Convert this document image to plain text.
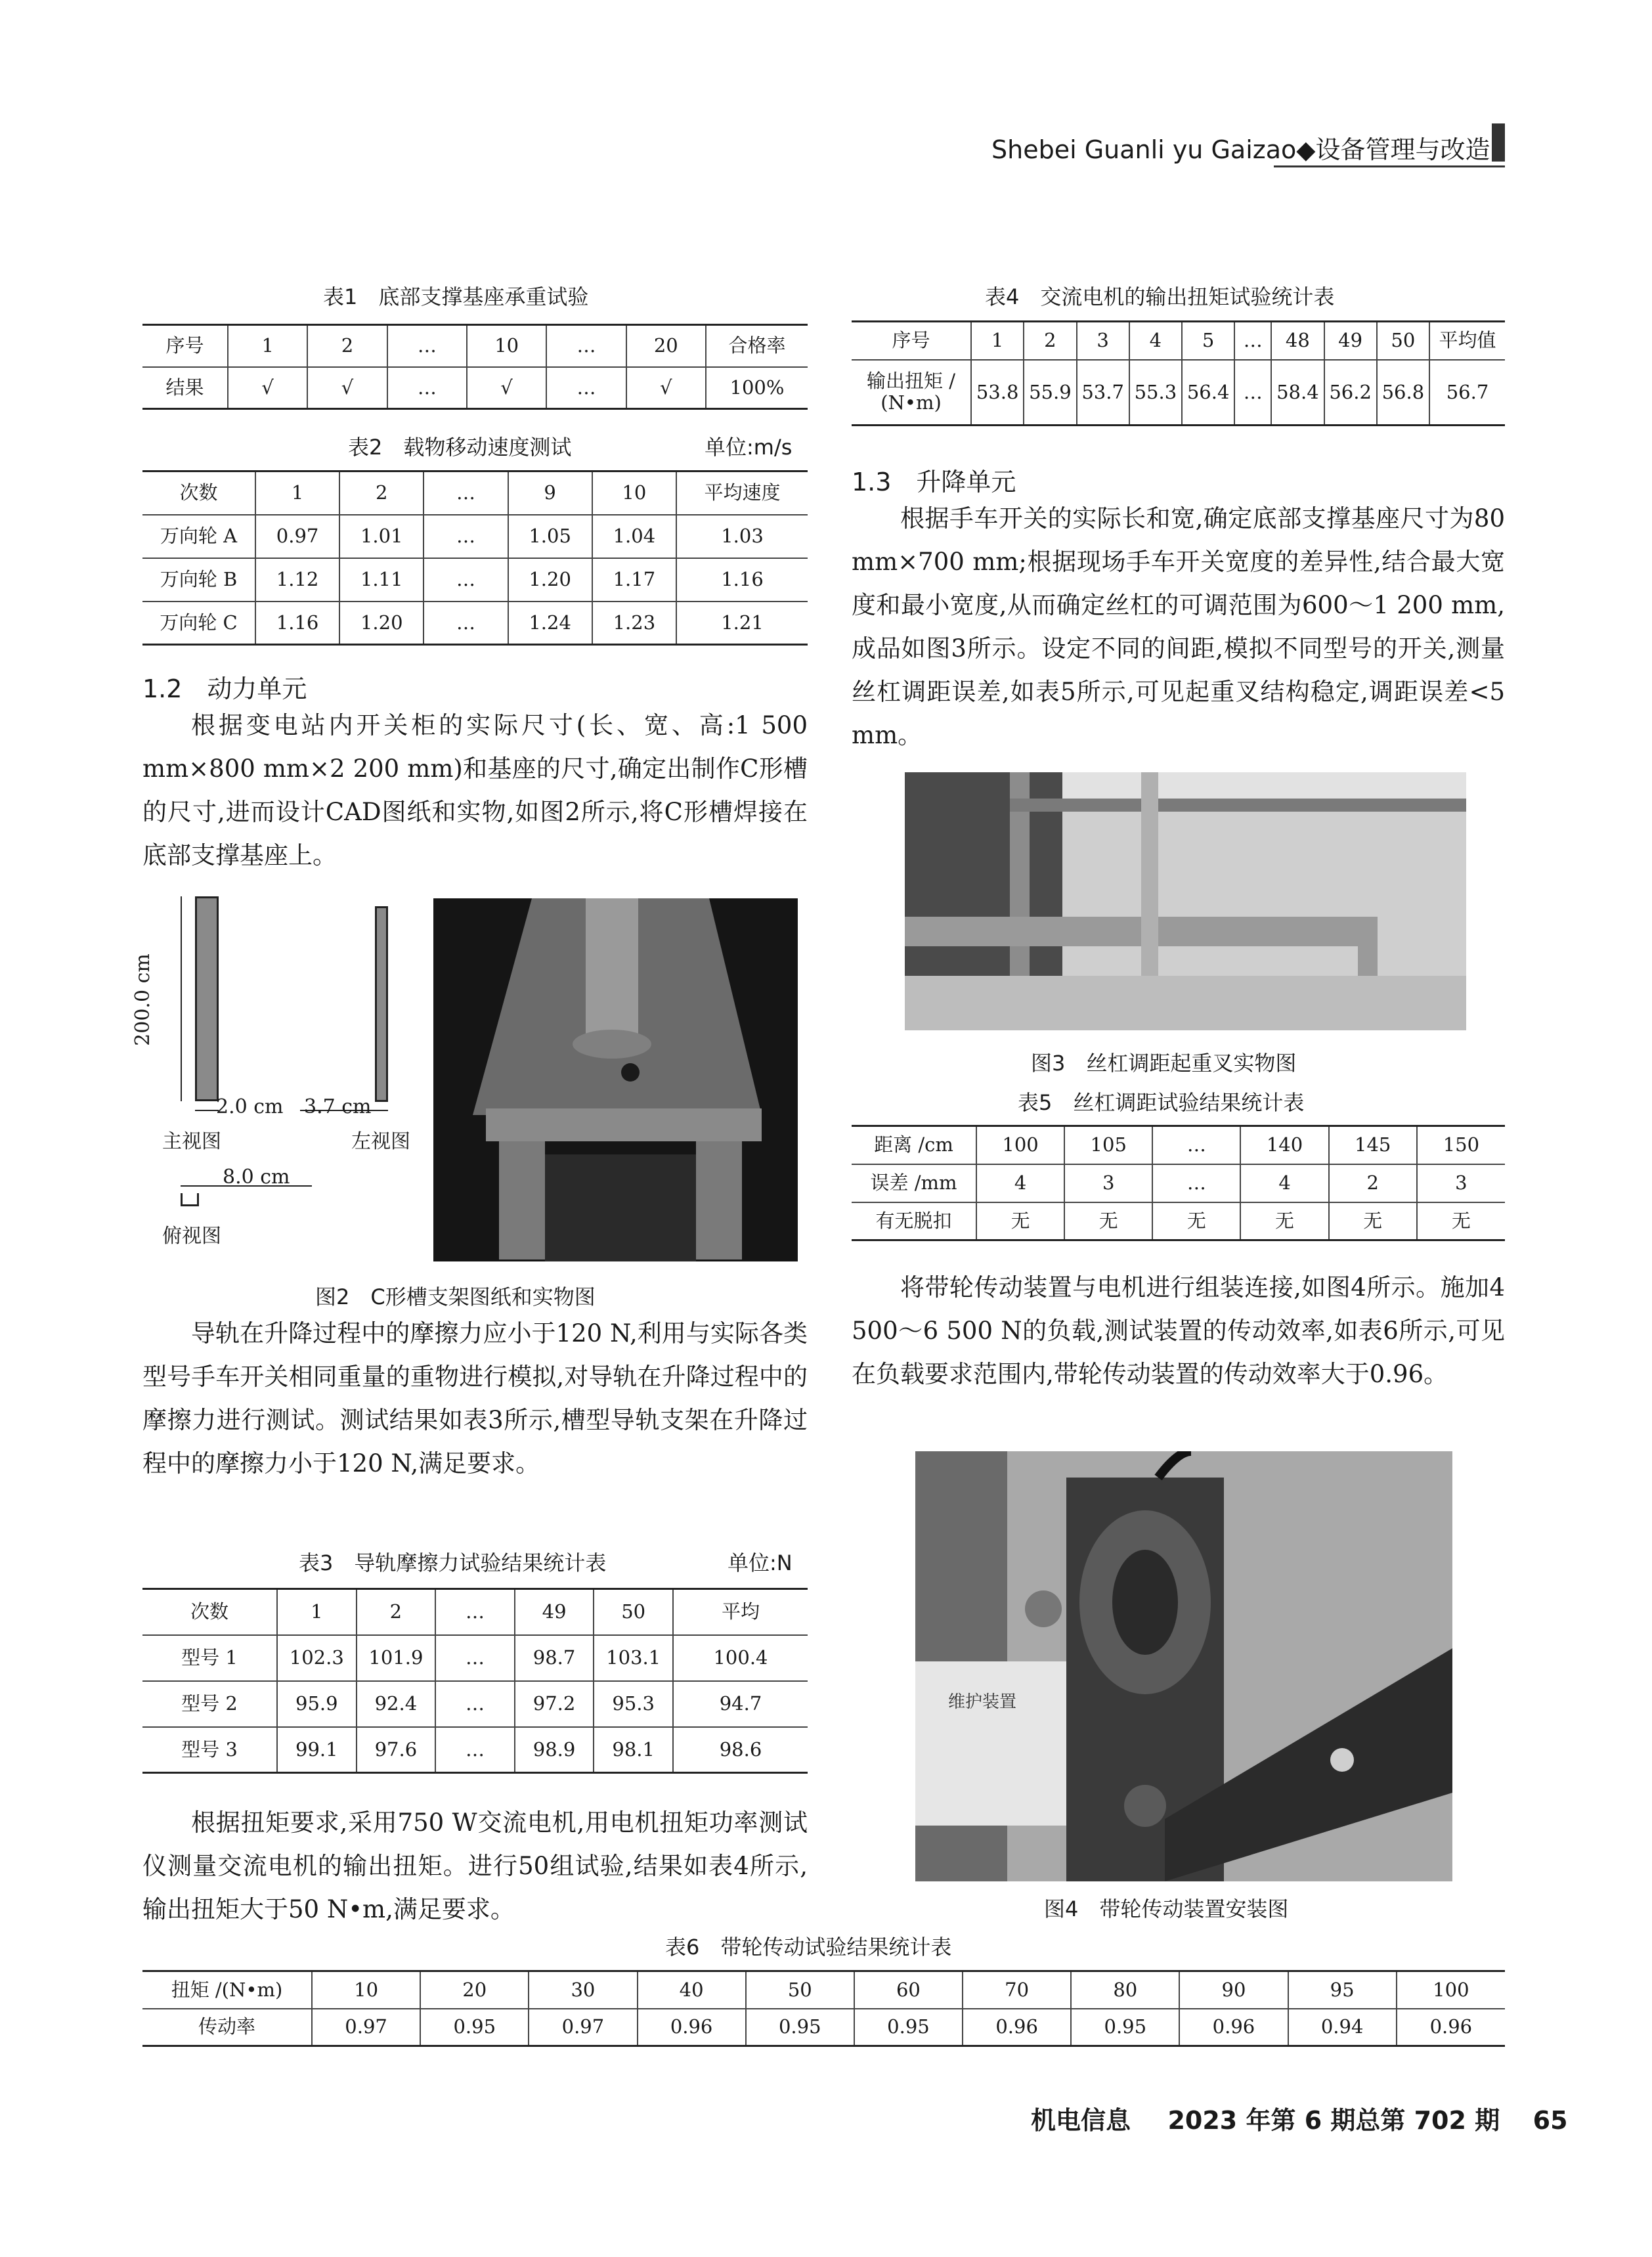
Shebei Guanli yu Gaizao◆设备管理与改造
表1　底部支撑基座承重试验
序号	1	2	…	10	…	20	合格率
结果	√	√	…	√	…	√	100%
表2　载物移动速度测试	单位:m/s
次数	1	2	…	9	10	平均速度
万向轮 A	0.97	1.01	…	1.05	1.04	1.03
万向轮 B	1.12	1.11	…	1.20	1.17	1.16
万向轮 C	1.16	1.20	…	1.24	1.23	1.21
1.2　动力单元

根据变电站内开关柜的实际尺寸(长、宽、高:1 500 mm×800 mm×2 200 mm)和基座的尺寸,确定出制作C形槽的尺寸,进而设计CAD图纸和实物,如图2所示,将C形槽焊接在底部支撑基座上。

200.0 cm
2.0 cm
主视图
3.7 cm
左视图
8.0 cm
俯视图
图2　C形槽支架图纸和实物图

导轨在升降过程中的摩擦力应小于120 N,利用与实际各类型号手车开关相同重量的重物进行模拟,对导轨在升降过程中的摩擦力进行测试。测试结果如表3所示,槽型导轨支架在升降过程中的摩擦力小于120 N,满足要求。

表3　导轨摩擦力试验结果统计表	单位:N
次数	1	2	…	49	50	平均
型号 1	102.3	101.9	…	98.7	103.1	100.4
型号 2	95.9	92.4	…	97.2	95.3	94.7
型号 3	99.1	97.6	…	98.9	98.1	98.6

根据扭矩要求,采用750 W交流电机,用电机扭矩功率测试仪测量交流电机的输出扭矩。进行50组试验,结果如表4所示,输出扭矩大于50 N•m,满足要求。

表4　交流电机的输出扭矩试验统计表
序号	1	2	3	4	5	…	48	49	50	平均值
输出扭矩 /
(N•m)	53.8	55.9	53.7	55.3	56.4	…	58.4	56.2	56.8	56.7
1.3　升降单元

根据手车开关的实际长和宽,确定底部支撑基座尺寸为80 mm×700 mm;根据现场手车开关宽度的差异性,结合最大宽度和最小宽度,从而确定丝杠的可调范围为600～1 200 mm,成品如图3所示。设定不同的间距,模拟不同型号的开关,测量丝杠调距误差,如表5所示,可见起重叉结构稳定,调距误差<5 mm。

图3　丝杠调距起重叉实物图
表5　丝杠调距试验结果统计表
距离 /cm	100	105	…	140	145	150
误差 /mm	4	3	…	4	2	3
有无脱扣	无	无	无	无	无	无

将带轮传动装置与电机进行组装连接,如图4所示。施加4 500～6 500 N的负载,测试装置的传动效率,如表6所示,可见在负载要求范围内,带轮传动装置的传动效率大于0.96。

维护装置
图4　带轮传动装置安装图
表6　带轮传动试验结果统计表
扭矩 /(N•m)	10	20	30	40	50	60	70	80	90	95	100
传动率	0.97	0.95	0.97	0.96	0.95	0.95	0.96	0.95	0.96	0.94	0.96
机电信息 2023 年第 6 期总第 702 期 65
